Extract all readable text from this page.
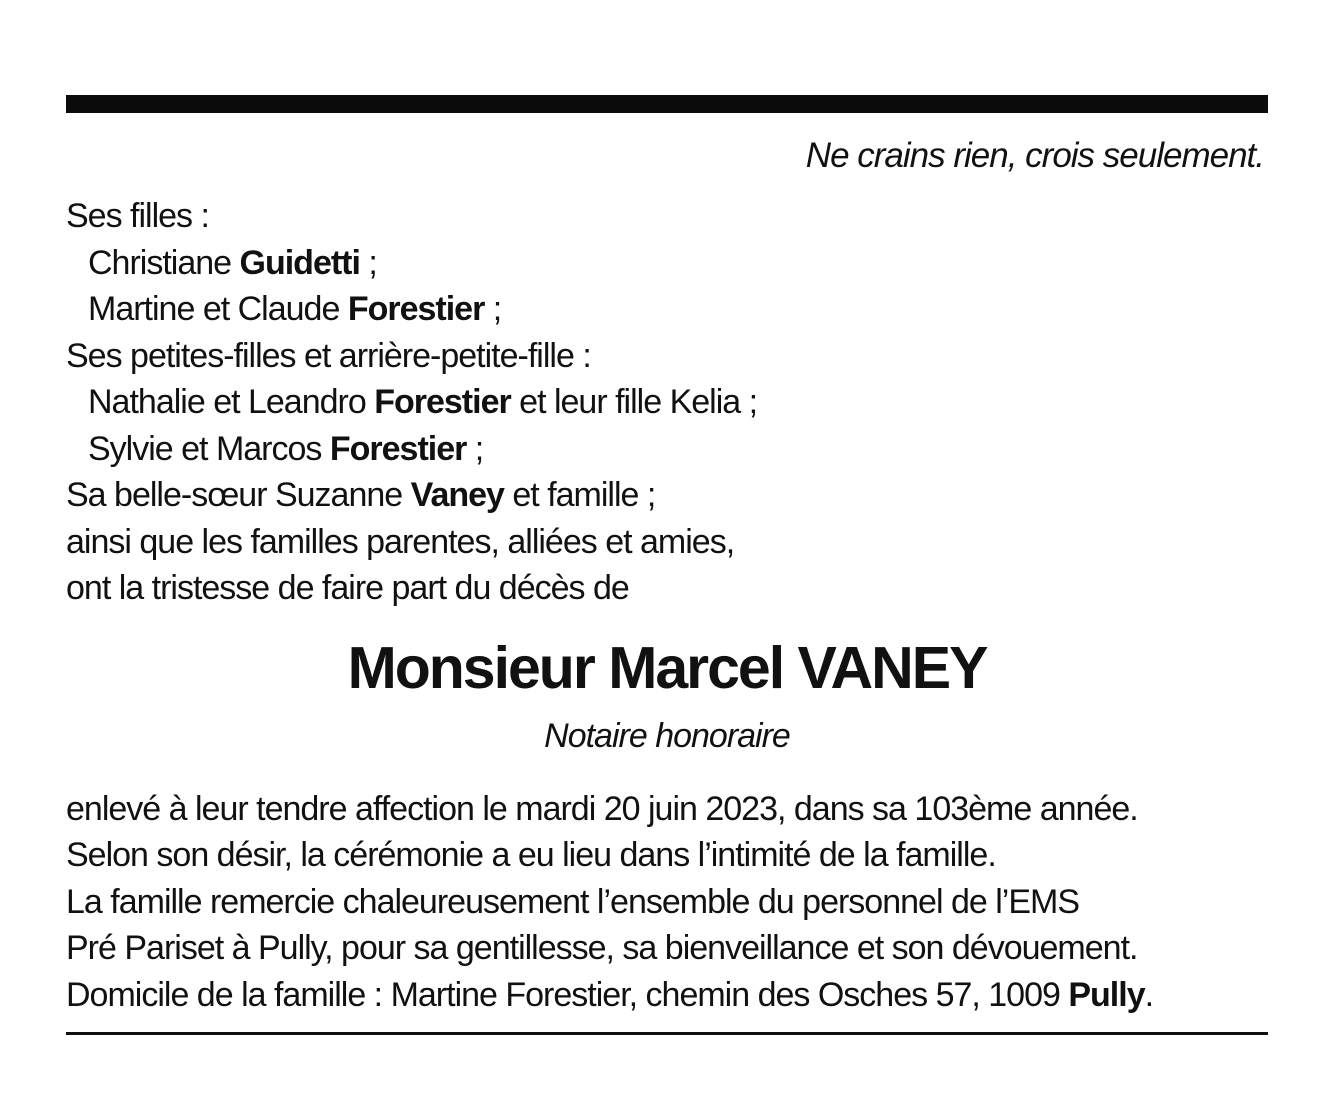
Ne crains rien, crois seulement.
Ses filles :
Christiane Guidetti ;
Martine et Claude Forestier ;
Ses petites-filles et arrière-petite-fille :
Nathalie et Leandro Forestier et leur fille Kelia ;
Sylvie et Marcos Forestier ;
Sa belle-sœur Suzanne Vaney et famille ;
ainsi que les familles parentes, alliées et amies,
ont la tristesse de faire part du décès de
Monsieur Marcel VANEY
Notaire honoraire
enlevé à leur tendre affection le mardi 20 juin 2023, dans sa 103ème année.
Selon son désir, la cérémonie a eu lieu dans l’intimité de la famille.
La famille remercie chaleureusement l’ensemble du personnel de l’EMS
Pré Pariset à Pully, pour sa gentillesse, sa bienveillance et son dévouement.
Domicile de la famille : Martine Forestier, chemin des Osches 57, 1009 Pully.
